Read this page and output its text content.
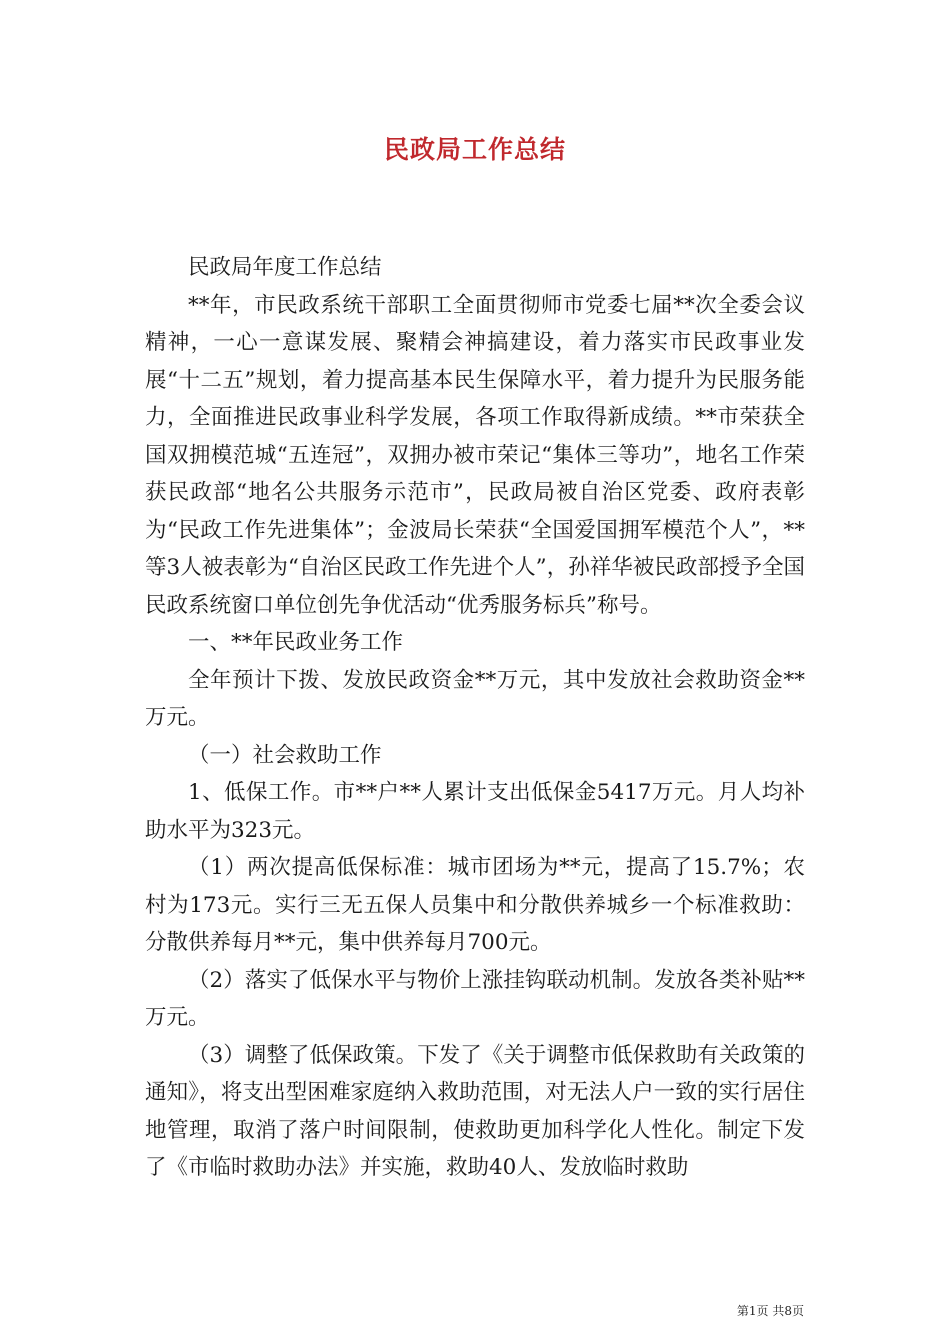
民政局工作总结

民政局年度工作总结

**年，市民政系统干部职工全面贯彻师市党委七届**次全委会议精神，一心一意谋发展、聚精会神搞建设，着力落实市民政事业发展“十二五”规划，着力提高基本民生保障水平，着力提升为民服务能力，全面推进民政事业科学发展，各项工作取得新成绩。**市荣获全国双拥模范城“五连冠”，双拥办被市荣记“集体三等功”，地名工作荣获民政部“地名公共服务示范市”，民政局被自治区党委、政府表彰为“民政工作先进集体”；金波局长荣获“全国爱国拥军模范个人”，**等3人被表彰为“自治区民政工作先进个人”，孙祥华被民政部授予全国民政系统窗口单位创先争优活动“优秀服务标兵”称号。

一、**年民政业务工作

全年预计下拨、发放民政资金**万元，其中发放社会救助资金**万元。

（一）社会救助工作

1、低保工作。市**户**人累计支出低保金5417万元。月人均补助水平为323元。

（1）两次提高低保标准：城市团场为**元，提高了15.7%；农村为173元。实行三无五保人员集中和分散供养城乡一个标准救助：分散供养每月**元，集中供养每月700元。

（2）落实了低保水平与物价上涨挂钩联动机制。发放各类补贴**万元。

（3）调整了低保政策。下发了《关于调整市低保救助有关政策的通知》，将支出型困难家庭纳入救助范围，对无法人户一致的实行居住地管理，取消了落户时间限制，使救助更加科学化人性化。制定下发了《市临时救助办法》并实施，救助40人、发放临时救助

第1页 共8页
